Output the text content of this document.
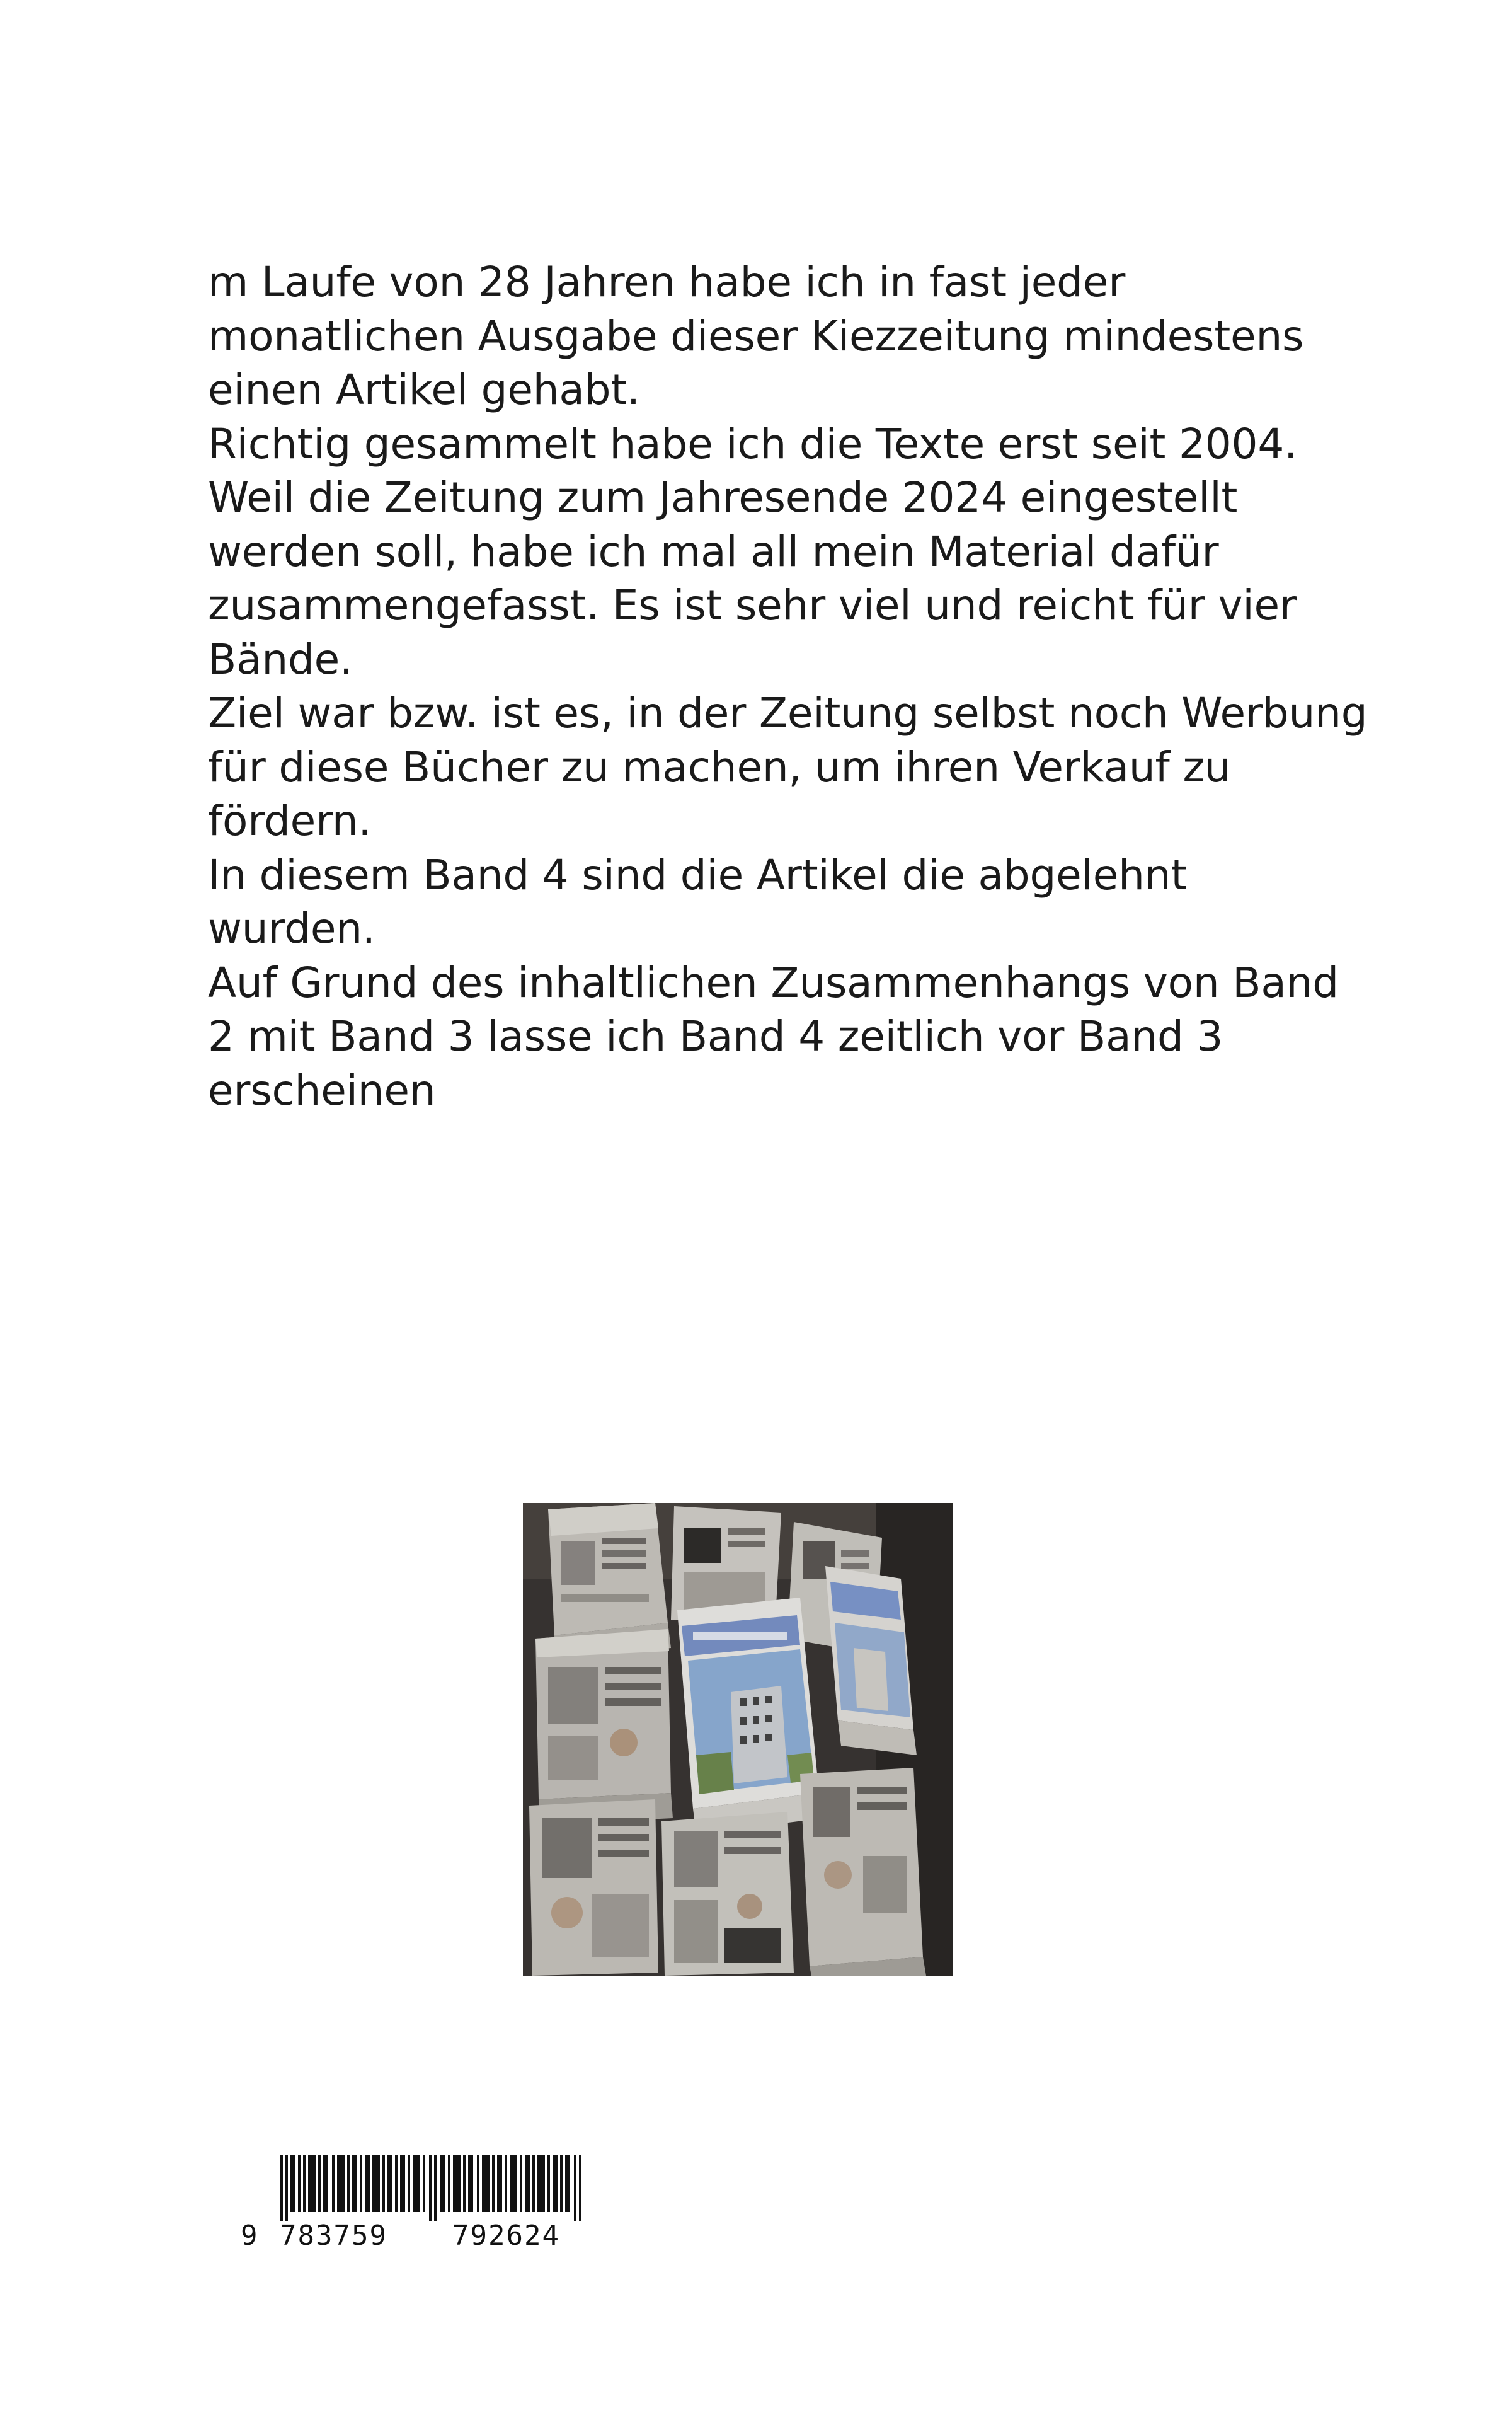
m Laufe von 28 Jahren habe ich in fast jeder
monatlichen Ausgabe dieser Kiezzeitung mindestens
einen Artikel gehabt.
Richtig gesammelt habe ich die Texte erst seit 2004.
Weil die Zeitung zum Jahresende 2024 eingestellt
werden soll, habe ich mal all mein Material dafür
zusammengefasst. Es ist sehr viel und reicht für vier
Bände.
Ziel war bzw. ist es, in der Zeitung selbst noch Werbung
für diese Bücher zu machen, um ihren Verkauf zu
fördern.
In diesem Band 4 sind die Artikel die abgelehnt
wurden.
Auf Grund des inhaltlichen Zusammenhangs von Band
2 mit Band 3 lasse ich Band 4 zeitlich vor Band 3
erscheinen
9 783759 792624
